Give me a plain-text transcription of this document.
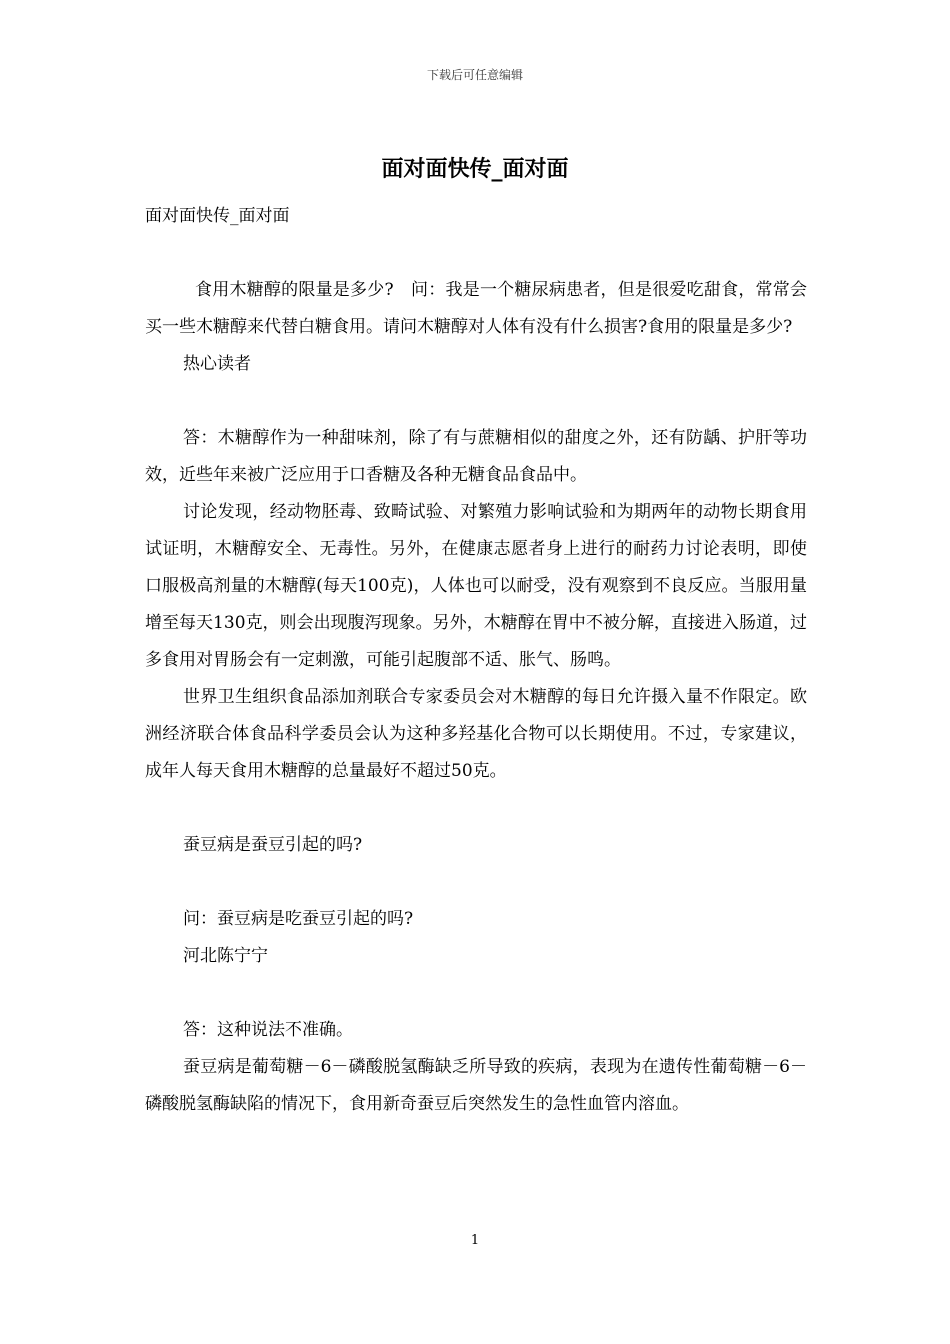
下载后可任意编辑
面对面快传_面对面

面对面快传_面对面

食用木糖醇的限量是多少?　问：我是一个糖尿病患者，但是很爱吃甜食，常常会买一些木糖醇来代替白糖食用。请问木糖醇对人体有没有什么损害?食用的限量是多少?

热心读者

答：木糖醇作为一种甜味剂，除了有与蔗糖相似的甜度之外，还有防龋、护肝等功效，近些年来被广泛应用于口香糖及各种无糖食品食品中。

讨论发现，经动物胚毒、致畸试验、对繁殖力影响试验和为期两年的动物长期食用试证明，木糖醇安全、无毒性。另外，在健康志愿者身上进行的耐药力讨论表明，即使口服极高剂量的木糖醇(每天100克)，人体也可以耐受，没有观察到不良反应。当服用量增至每天130克，则会出现腹泻现象。另外，木糖醇在胃中不被分解，直接进入肠道，过多食用对胃肠会有一定刺激，可能引起腹部不适、胀气、肠鸣。

世界卫生组织食品添加剂联合专家委员会对木糖醇的每日允许摄入量不作限定。欧洲经济联合体食品科学委员会认为这种多羟基化合物可以长期使用。不过，专家建议，成年人每天食用木糖醇的总量最好不超过50克。

蚕豆病是蚕豆引起的吗?

问：蚕豆病是吃蚕豆引起的吗?

河北陈宁宁

答：这种说法不准确。

蚕豆病是葡萄糖－6－磷酸脱氢酶缺乏所导致的疾病，表现为在遗传性葡萄糖－6－磷酸脱氢酶缺陷的情况下，食用新奇蚕豆后突然发生的急性血管内溶血。

1
